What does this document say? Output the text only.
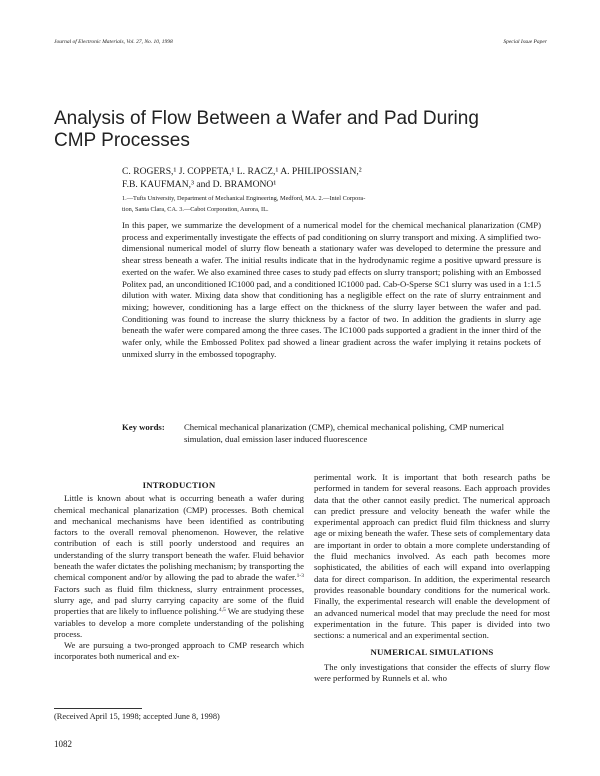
Journal of Electronic Materials, Vol. 27, No. 10, 1998	Special Issue Paper
Analysis of Flow Between a Wafer and Pad During CMP Processes
C. ROGERS,¹ J. COPPETA,¹ L. RACZ,¹ A. PHILIPOSSIAN,²
F.B. KAUFMAN,³ and D. BRAMONO¹
1.—Tufts University, Department of Mechanical Engineering, Medford, MA. 2.—Intel Corpora-
tion, Santa Clara, CA. 3.—Cabot Corporation, Aurora, IL.
In this paper, we summarize the development of a numerical model for the chemical mechanical planarization (CMP) process and experimentally investigate the effects of pad conditioning on slurry transport and mixing. A simplified two-dimensional numerical model of slurry flow beneath a stationary wafer was developed to determine the pressure and shear stress beneath a wafer. The initial results indicate that in the hydrodynamic regime a positive upward pressure is exerted on the wafer. We also examined three cases to study pad effects on slurry transport; polishing with an Embossed Politex pad, an unconditioned IC1000 pad, and a conditioned IC1000 pad. Cab-O-Sperse SC1 slurry was used in a 1:1.5 dilution with water. Mixing data show that conditioning has a negligible effect on the rate of slurry entrainment and mixing; however, conditioning has a large effect on the thickness of the slurry layer between the wafer and pad. Conditioning was found to increase the slurry thickness by a factor of two. In addition the gradients in slurry age beneath the wafer were compared among the three cases. The IC1000 pads supported a gradient in the inner third of the wafer only, while the Embossed Politex pad showed a linear gradient across the wafer implying it retains pockets of unmixed slurry in the embossed topography.
Key words:	Chemical mechanical planarization (CMP), chemical mechanical polishing, CMP numerical simulation, dual emission laser induced fluorescence
INTRODUCTION

Little is known about what is occurring beneath a wafer during chemical mechanical planarization (CMP) processes. Both chemical and mechanical mechanisms have been identified as contributing factors to the overall removal phenomenon. However, the relative contribution of each is still poorly understood and requires an understanding of the slurry transport beneath the wafer. Fluid behavior beneath the wafer dictates the polishing mechanism; by transporting the chemical component and/or by allowing the pad to abrade the wafer.$^{1-3}$ Factors such as fluid film thickness, slurry entrainment processes, slurry age, and pad slurry carrying capacity are some of the fluid properties that are likely to influence polishing.$^{4,5}$ We are studying these variables to develop a more complete understanding of the polishing process.

We are pursuing a two-pronged approach to CMP research which incorporates both numerical and ex-

perimental work. It is important that both research paths be performed in tandem for several reasons. Each approach provides data that the other cannot easily predict. The numerical approach can predict pressure and velocity beneath the wafer while the experimental approach can predict fluid film thickness and slurry age or mixing beneath the wafer. These sets of complementary data are important in order to obtain a more complete understanding of the fluid mechanics involved. As each path becomes more sophisticated, the abilities of each will expand into overlapping data for direct comparison. In addition, the experimental research provides reasonable boundary conditions for the numerical work. Finally, the experimental research will enable the development of an advanced numerical model that may preclude the need for most experimentation in the future. This paper is divided into two sections: a numerical and an experimental section.

NUMERICAL SIMULATIONS

The only investigations that consider the effects of slurry flow were performed by Runnels et al. who

(Received April 15, 1998; accepted June 8, 1998)
1082
